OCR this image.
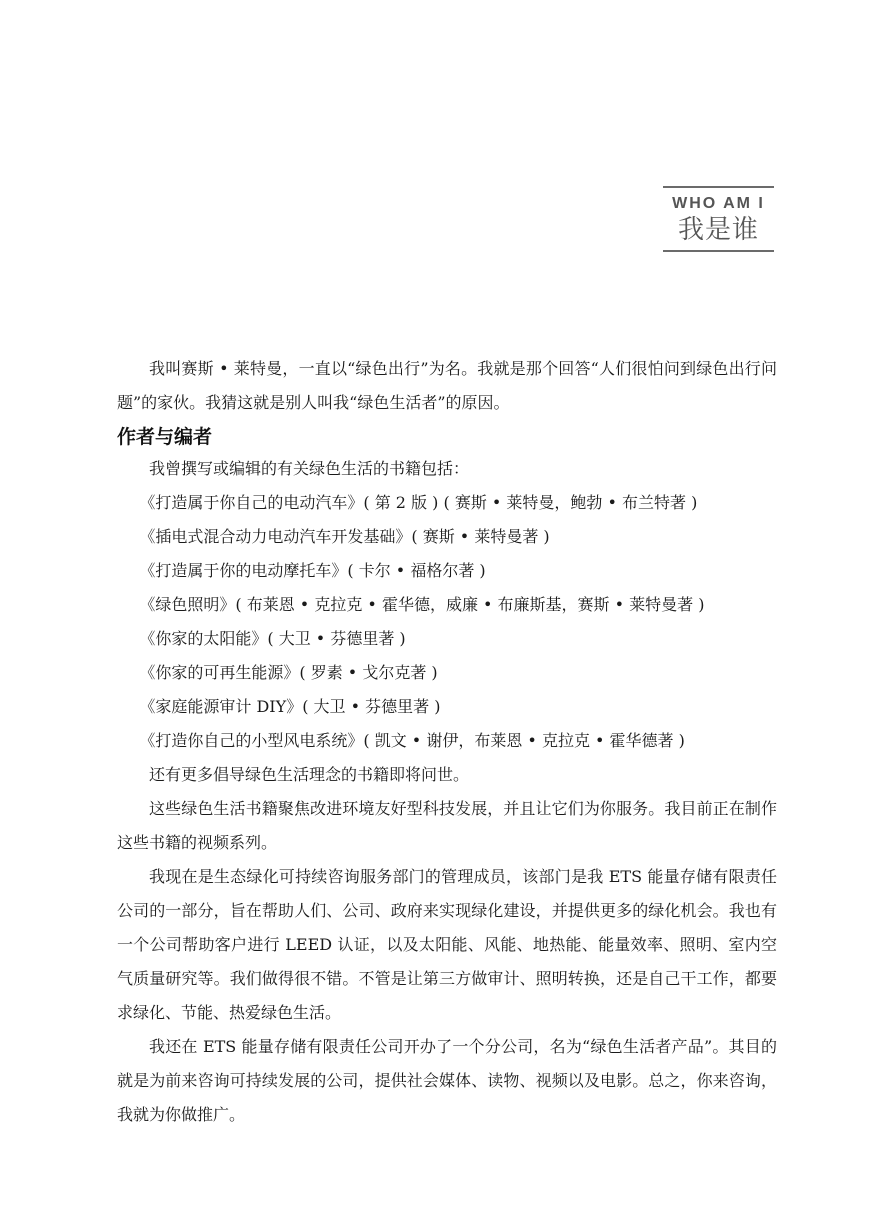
WHO AM I
我是谁

我叫赛斯 • 莱特曼，一直以“绿色出行”为名。我就是那个回答“人们很怕问到绿色出行问题”的家伙。我猜这就是别人叫我“绿色生活者”的原因。

作者与编者

我曾撰写或编辑的有关绿色生活的书籍包括：

《打造属于你自己的电动汽车》( 第 2 版 ) ( 赛斯 • 莱特曼，鲍勃 • 布兰特著 )
《插电式混合动力电动汽车开发基础》( 赛斯 • 莱特曼著 )
《打造属于你的电动摩托车》( 卡尔 • 福格尔著 )
《绿色照明》( 布莱恩 • 克拉克 • 霍华德，威廉 • 布廉斯基，赛斯 • 莱特曼著 )
《你家的太阳能》( 大卫 • 芬德里著 )
《你家的可再生能源》( 罗素 • 戈尔克著 )
《家庭能源审计 DIY》( 大卫 • 芬德里著 )
《打造你自己的小型风电系统》( 凯文 • 谢伊，布莱恩 • 克拉克 • 霍华德著 )

还有更多倡导绿色生活理念的书籍即将问世。

这些绿色生活书籍聚焦改进环境友好型科技发展，并且让它们为你服务。我目前正在制作这些书籍的视频系列。

我现在是生态绿化可持续咨询服务部门的管理成员，该部门是我 ETS 能量存储有限责任公司的一部分，旨在帮助人们、公司、政府来实现绿化建设，并提供更多的绿化机会。我也有一个公司帮助客户进行 LEED 认证，以及太阳能、风能、地热能、能量效率、照明、室内空气质量研究等。我们做得很不错。不管是让第三方做审计、照明转换，还是自己干工作，都要求绿化、节能、热爱绿色生活。

我还在 ETS 能量存储有限责任公司开办了一个分公司，名为“绿色生活者产品”。其目的就是为前来咨询可持续发展的公司，提供社会媒体、读物、视频以及电影。总之，你来咨询，我就为你做推广。
